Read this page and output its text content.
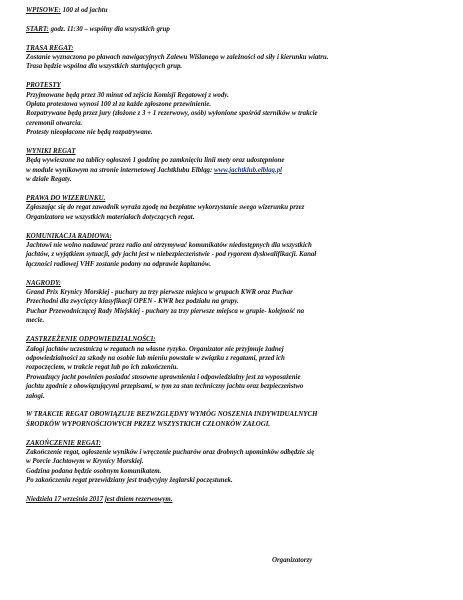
WPISOWE: 100 zł od jachtu

START: godz. 11:30 – wspólny dla wszystkich grup

TRASA REGAT:

Zostanie wyznaczona po pławach nawigacyjnych Zalewu Wiślanego w zależności od siły i kierunku wiatru.

Trasa będzie wspólna dla wszystkich startujących grup.

PROTESTY

Przyjmowane będą przez 30 minut od zejścia Komisji Regatowej z wody.

Opłata protestowa wynosi 100 zł za każde zgłoszone przewinienie.

Rozpatrywane będą przez jury (złożone z 3 + 1 rezerwowy, osób) wyłonione spośród sterników w trakcie

ceremonii otwarcia.

Protesty nieopłacone nie będą rozpatrywane.

WYNIKI REGAT

Będą wywieszone na tablicy ogłoszeń 1 godzinę po zamknięciu linii mety oraz udostępnione

w module wynikowym na stronie internetowej Jachtklubu Elbląg: www.jachtklub.elblag.pl

w dziale Regaty.

PRAWA DO WIZERUNKU.

Zgłaszając się do regat zawodnik wyraża zgodę na bezpłatne wykorzystanie swego wizerunku przez

Organizatora we wszystkich materiałach dotyczących regat.

KOMUNIKACJA RADIOWA:

Jachtowi nie wolno nadawać przez radio ani otrzymywać komunikatów niedostępnych dla wszystkich

jachtów, z wyjątkiem sytuacji, gdy jacht jest w niebezpieczeństwie - pod rygorem dyskwalifikacji. Kanał

łączności radiowej VHF zostanie podany na odprawie kapitanów.

NAGRODY:

Grand Prix Krynicy Morskiej - puchary za trzy pierwsze miejsca w grupach KWR oraz Puchar

Przechodni dla zwycięzcy klasyfikacji OPEN - KWR bez podziału na grupy.

Puchar Przewodniczącej Rady Miejskiej - puchary za trzy pierwsze miejsca w grupie- kolejność na

mecie.

ZASTRZEŻENIE ODPOWIEDZIALNOŚCI:

Załogi jachtów uczestniczą w regatach na własne ryzyko. Organizator nie przyjmuje żadnej

odpowiedzialności za szkody na osobie lub mieniu powstałe w związku z regatami, przed ich

rozpoczęciem, w trakcie regat lub po ich zakończeniu.

Prowadzący jacht powinien posiadać stosowne uprawnienia i odpowiedzialny jest za wyposażenie

jachtu zgodnie z obowiązującymi przepisami, w tym za stan techniczny jachtu oraz bezpieczeństwo

załogi.

W TRAKCIE REGAT OBOWIĄZUJE BEZWZGLĘDNY WYMÓG NOSZENIA INDYWIDUALNYCH

ŚRODKÓW WYPORNOŚCIOWYCH PRZEZ WSZYSTKICH CZŁONKÓW ZAŁOGI.

ZAKOŃCZENIE REGAT:

Zakończenie regat, ogłoszenie wyników i wręczenie pucharów oraz drobnych upominków odbędzie się

w Porcie Jachtowym w Krynicy Morskiej.

Godzina podana będzie osobnym komunikatem.

Po zakończeniu regat przewidziany jest tradycyjny żeglarski poczęstunek.

Niedziela 17 września 2017 jest dniem rezerwowym.

Organizatorzy
